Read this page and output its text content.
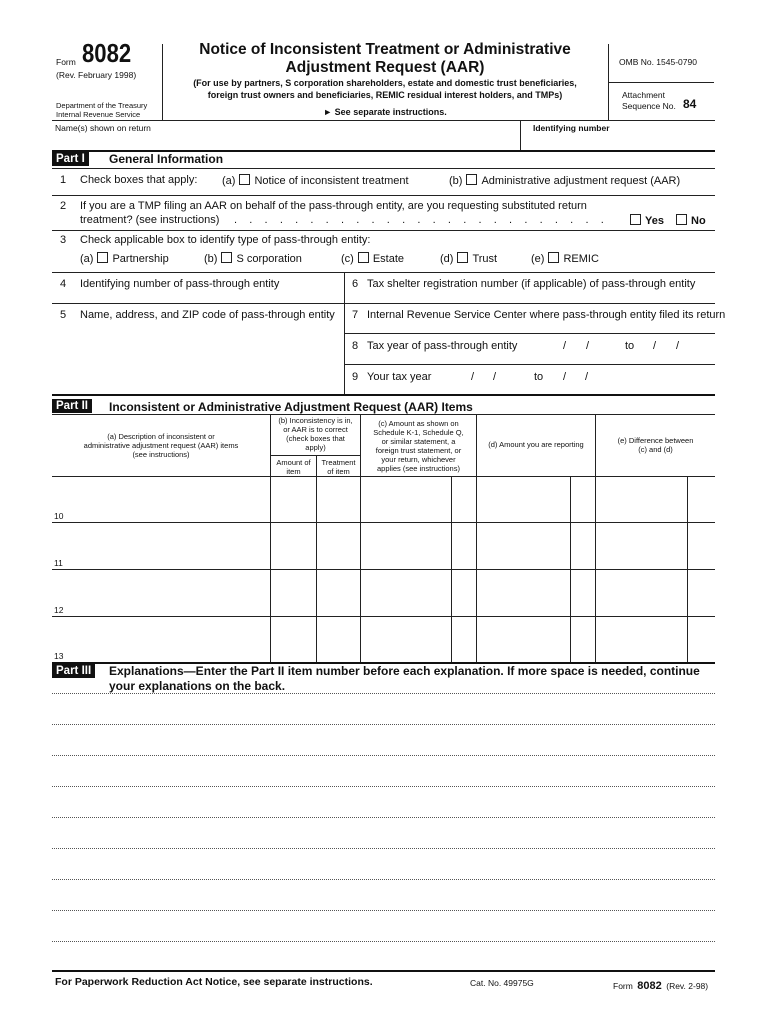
Form 8082
(Rev. February 1998)
Department of the Treasury
Internal Revenue Service
Notice of Inconsistent Treatment or Administrative
Adjustment Request (AAR)
(For use by partners, S corporation shareholders, estate and domestic trust beneficiaries,
foreign trust owners and beneficiaries, REMIC residual interest holders, and TMPs)
► See separate instructions.
OMB No. 1545-0790
Attachment
Sequence No. 84
Name(s) shown on return	Identifying number
Part I	General Information
1 Check boxes that apply: (a) Notice of inconsistent treatment	(b) Administrative adjustment request (AAR)
2 If you are a TMP filing an AAR on behalf of the pass-through entity, are you requesting substituted return
treatment? (see instructions) .    .    .    .    .    .    .    .    .    .    .    .    .    .    .    .    .    .    .    .    .    .    .    .    .	Yes	No
3 Check applicable box to identify type of pass-through entity:
(a) Partnership	(b) S corporation	(c) Estate	(d) Trust	(e) REMIC
4 Identifying number of pass-through entity	6 Tax shelter registration number (if applicable) of pass-through entity
5 Name, address, and ZIP code of pass-through entity 7 Internal Revenue Service Center where pass-through entity filed its return
8 Tax year of pass-through entity	/ /	to / /
9 Your tax year	/ /	to / /
Part II	Inconsistent or Administrative Adjustment Request (AAR) Items
(a) Description of inconsistent or
administrative adjustment request (AAR) items
(see instructions)
(b) Inconsistency is in,
or AAR is to correct
(check boxes that
apply)
Amount of
item
Treatment
of item
(c) Amount as shown on
Schedule K-1, Schedule Q,
or similar statement, a
foreign trust statement, or
your return, whichever
applies (see instructions)
(d) Amount you are reporting	(e) Difference between
(c) and (d)
10
11
12
13
Part III	Explanations—Enter the Part II item number before each explanation. If more space is needed, continue
your explanations on the back.
For Paperwork Reduction Act Notice, see separate instructions.	Cat. No. 49975G	Form 8082 (Rev. 2-98)
